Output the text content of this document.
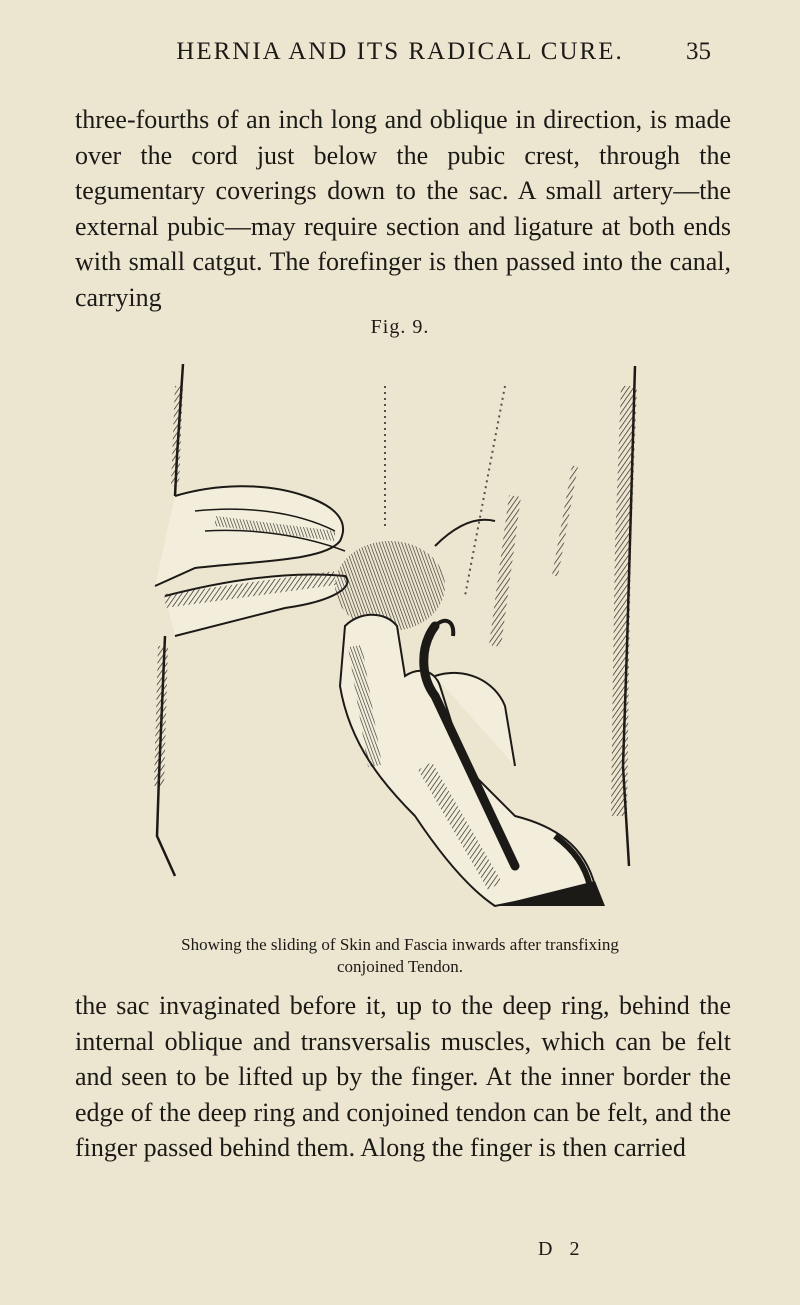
HERNIA AND ITS RADICAL CURE.	35

three-fourths of an inch long and oblique in direction, is made over the cord just below the pubic crest, through the tegumentary coverings down to the sac. A small artery—the external pubic—may require section and ligature at both ends with small catgut. The forefinger is then passed into the canal, carrying

Fig. 9.
Showing the sliding of Skin and Fascia inwards after transfixing
conjoined Tendon.

the sac invaginated before it, up to the deep ring, behind the internal oblique and transversalis muscles, which can be felt and seen to be lifted up by the finger. At the inner border the edge of the deep ring and conjoined tendon can be felt, and the finger passed behind them. Along the finger is then carried

D 2
